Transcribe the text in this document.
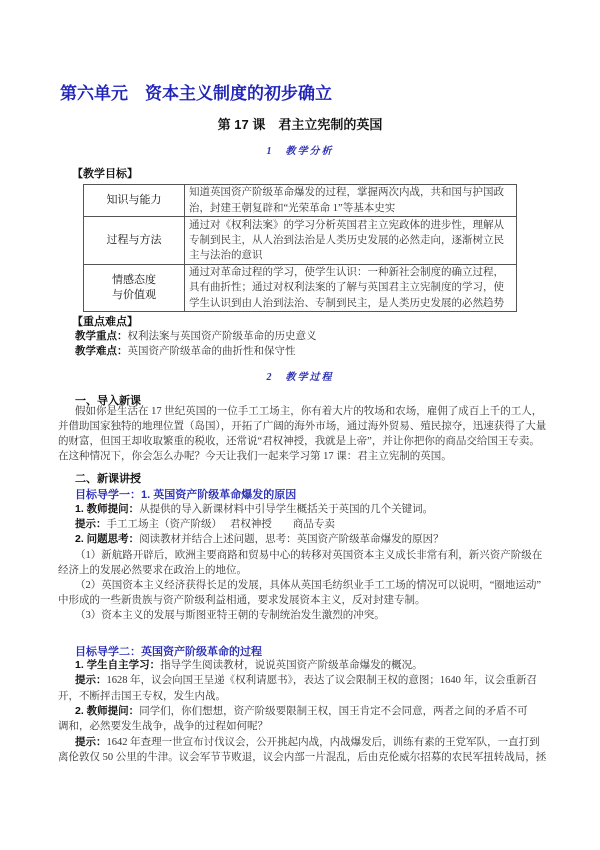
第六单元　资本主义制度的初步确立
第 17 课　君主立宪制的英国
1　教学分析
【教学目标】
知识与能力	知道英国资产阶级革命爆发的过程，掌握两次内战，共和国与护国政治，封建王朝复辟和“光荣革命 1”等基本史实
过程与方法	通过对《权利法案》的学习分析英国君主立宪政体的进步性，理解从专制到民主，从人治到法治是人类历史发展的必然走向，逐渐树立民主与法治的意识
情感态度
与价值观	通过对革命过程的学习，使学生认识：一种新社会制度的确立过程，具有曲折性；通过对权利法案的了解与英国君主立宪制度的学习，使学生认识到由人治到法治、专制到民主，是人类历史发展的必然趋势
【重点难点】
教学重点：权利法案与英国资产阶级革命的历史意义
教学难点：英国资产阶级革命的曲折性和保守性
2　教学过程
一、导入新课
假如你是生活在 17 世纪英国的一位手工工场主，你有着大片的牧场和农场，雇佣了成百上千的工人，
并借助国家独特的地理位置（岛国），开拓了广阔的海外市场，通过海外贸易、殖民掠夺，迅速获得了大量
的财富，但国王却收取繁重的税收，还常说“君权神授，我就是上帝”，并让你把你的商品交给国王专卖。
在这种情况下，你会怎么办呢？今天让我们一起来学习第 17 课：君主立宪制的英国。
二、新课讲授
目标导学一：1. 英国资产阶级革命爆发的原因
1. 教师提问：从提供的导入新课材料中引导学生概括关于英国的几个关键词。
提示：手工工场主（资产阶级）　 君权神授　　商品专卖
2. 问题思考：阅读教材并结合上述问题，思考：英国资产阶级革命爆发的原因？
（1）新航路开辟后，欧洲主要商路和贸易中心的转移对英国资本主义成长非常有利，新兴资产阶级在
经济上的发展必然要求在政治上的地位。
（2）英国资本主义经济获得长足的发展，具体从英国毛纺织业手工工场的情况可以说明，“圈地运动”
中形成的一些新贵族与资产阶级利益相通，要求发展资本主义，反对封建专制。
（3）资本主义的发展与斯图亚特王朝的专制统治发生激烈的冲突。
目标导学二：英国资产阶级革命的过程
1. 学生自主学习：指导学生阅读教材，说说英国资产阶级革命爆发的概况。
提示：1628 年，议会向国王呈递《权利请愿书》，表达了议会限制王权的意图；1640 年，议会重新召
开，不断抨击国王专权，发生内战。
2. 教师提问：同学们，你们想想，资产阶级要限制王权，国王肯定不会同意，两者之间的矛盾不可
调和，必然要发生战争，战争的过程如何呢？
提示：1642 年查理一世宣布讨伐议会，公开挑起内战，内战爆发后，训练有素的王党军队，一直打到
离伦敦仅 50 公里的牛津。议会军节节败退，议会内部一片混乱，后由克伦威尔招募的农民军扭转战局，拯
